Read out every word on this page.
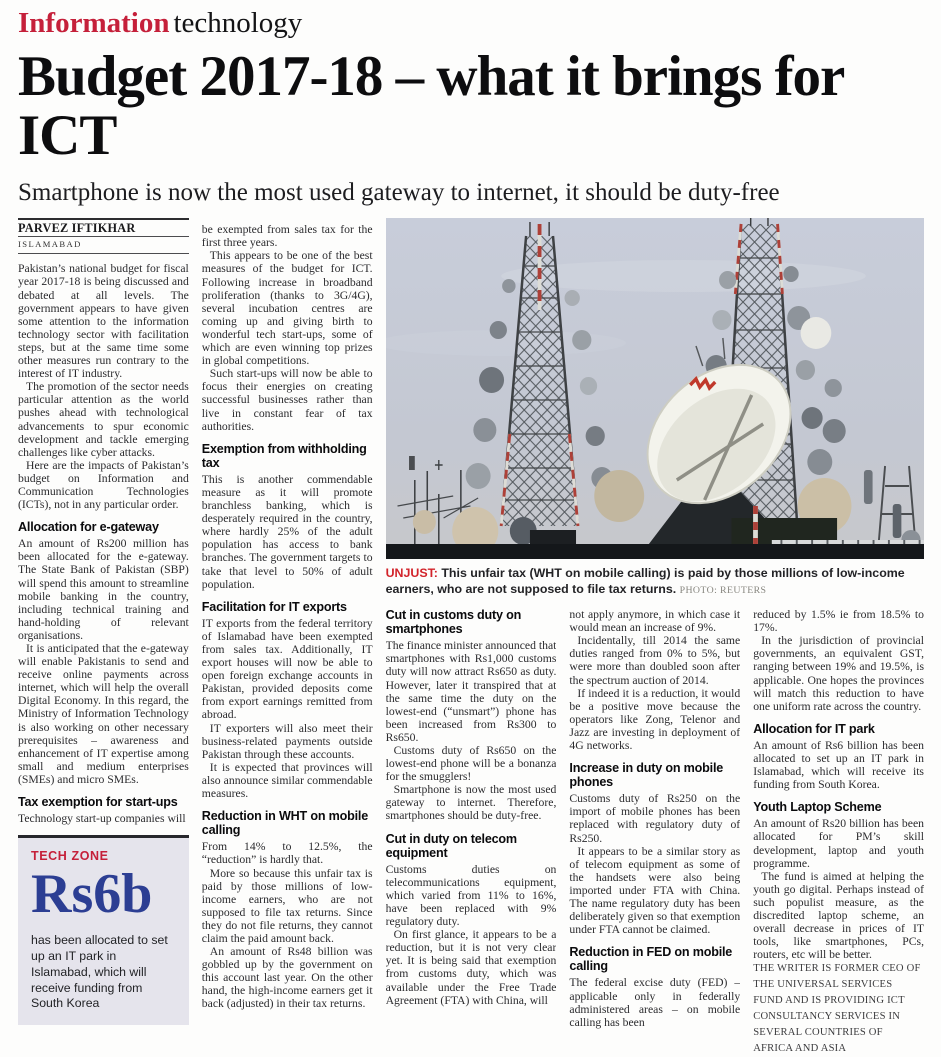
Information technology
Budget 2017-18 – what it brings for ICT
Smartphone is now the most used gateway to internet, it should be duty-free
PARVEZ IFTIKHAR
ISLAMABAD

Pakistan’s national budget for fiscal year 2017-18 is being discussed and debated at all levels. The government appears to have given some attention to the information technology sector with facilitation steps, but at the same time some other measures run contrary to the interest of IT industry.

The promotion of the sector needs particular attention as the world pushes ahead with technological advancements to spur economic development and tackle emerging challenges like cyber attacks.

Here are the impacts of Pakistan’s budget on Information and Communication Technologies (ICTs), not in any particular order.

Allocation for e-gateway

An amount of Rs200 million has been allocated for the e-gateway. The State Bank of Pakistan (SBP) will spend this amount to streamline mobile banking in the country, including technical training and hand-holding of relevant organisations.

It is anticipated that the e-gateway will enable Pakistanis to send and receive online payments across internet, which will help the overall Digital Economy. In this regard, the Ministry of Information Technology is also working on other necessary prerequisites – awareness and enhancement of IT expertise among small and medium enterprises (SMEs) and micro SMEs.

Tax exemption for start-ups

Technology start-up companies will

TECH ZONE
Rs6b
has been allocated to set up an IT park in Islamabad, which will receive funding from South Korea

be exempted from sales tax for the first three years.

This appears to be one of the best measures of the budget for ICT. Following increase in broadband proliferation (thanks to 3G/4G), several incubation centres are coming up and giving birth to wonderful tech start-ups, some of which are even winning top prizes in global competitions.

Such start-ups will now be able to focus their energies on creating successful businesses rather than live in constant fear of tax authorities.

Exemption from withholding tax

This is another commendable measure as it will promote branchless banking, which is desperately required in the country, where hardly 25% of the adult population has access to bank branches. The government targets to take that level to 50% of adult population.

Facilitation for IT exports

IT exports from the federal territory of Islamabad have been exempted from sales tax. Additionally, IT export houses will now be able to open foreign exchange accounts in Pakistan, provided deposits come from export earnings remitted from abroad.

IT exporters will also meet their business-related payments outside Pakistan through these accounts.

It is expected that provinces will also announce similar commendable measures.

Reduction in WHT on mobile calling

From 14% to 12.5%, the “reduction” is hardly that.

More so because this unfair tax is paid by those millions of low-income earners, who are not supposed to file tax returns. Since they do not file returns, they cannot claim the paid amount back.

An amount of Rs48 billion was gobbled up by the government on this account last year. On the other hand, the high-income earners get it back (adjusted) in their tax returns.

UNJUST: This unfair tax (WHT on mobile calling) is paid by those millions of low-income earners, who are not supposed to file tax returns. PHOTO: REUTERS
Cut in customs duty on smartphones

The finance minister announced that smartphones with Rs1,000 customs duty will now attract Rs650 as duty. However, later it transpired that at the same time the duty on the lowest-end (“unsmart”) phone has been increased from Rs300 to Rs650.

Customs duty of Rs650 on the lowest-end phone will be a bonanza for the smugglers!

Smartphone is now the most used gateway to internet. Therefore, smartphones should be duty-free.

Cut in duty on telecom equipment

Customs duties on telecommunications equipment, which varied from 11% to 16%, have been replaced with 9% regulatory duty.

On first glance, it appears to be a reduction, but it is not very clear yet. It is being said that exemption from customs duty, which was available under the Free Trade Agreement (FTA) with China, will

not apply anymore, in which case it would mean an increase of 9%.

Incidentally, till 2014 the same duties ranged from 0% to 5%, but were more than doubled soon after the spectrum auction of 2014.

If indeed it is a reduction, it would be a positive move because the operators like Zong, Telenor and Jazz are investing in deployment of 4G networks.

Increase in duty on mobile phones

Customs duty of Rs250 on the import of mobile phones has been replaced with regulatory duty of Rs250.

It appears to be a similar story as of telecom equipment as some of the handsets were also being imported under FTA with China. The name regulatory duty has been deliberately given so that exemption under FTA cannot be claimed.

Reduction in FED on mobile calling

The federal excise duty (FED) – applicable only in federally administered areas – on mobile calling has been

reduced by 1.5% ie from 18.5% to 17%.

In the jurisdiction of provincial governments, an equivalent GST, ranging between 19% and 19.5%, is applicable. One hopes the provinces will match this reduction to have one uniform rate across the country.

Allocation for IT park

An amount of Rs6 billion has been allocated to set up an IT park in Islamabad, which will receive its funding from South Korea.

Youth Laptop Scheme

An amount of Rs20 billion has been allocated for PM’s skill development, laptop and youth programme.

The fund is aimed at helping the youth go digital. Perhaps instead of such populist measure, as the discredited laptop scheme, an overall decrease in prices of IT tools, like smartphones, PCs, routers, etc will be better.

THE WRITER IS FORMER CEO OF THE UNIVERSAL SERVICES FUND AND IS PROVIDING ICT CONSULTANCY SERVICES IN SEVERAL COUNTRIES OF AFRICA AND ASIA
